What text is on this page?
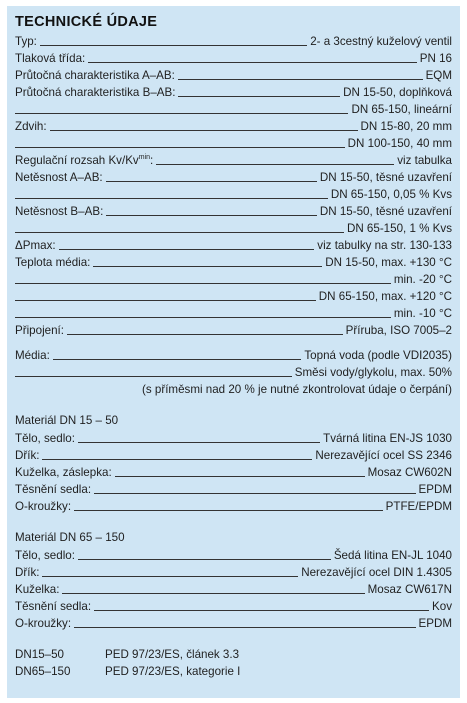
TECHNICKÉ ÚDAJE
Typ:	2- a 3cestný kuželový ventil
Tlaková třída:	PN 16
Průtočná charakteristika A–AB:	EQM
Průtočná charakteristika B–AB:	DN 15-50, doplňková
DN 65-150, lineární
Zdvih:	DN 15-80, 20 mm
DN 100-150, 40 mm
Regulační rozsah $Kv/Kv^{min}$:	viz tabulka
Netěsnost A–AB:	DN 15-50, těsné uzavření
DN 65-150, 0,05 % Kvs
Netěsnost B–AB:	DN 15-50, těsné uzavření
DN 65-150, 1 % Kvs
ΔPmax:	viz tabulky na str. 130-133
Teplota média:	DN 15-50, max. +130 °C
min. -20 °C
DN 65-150, max. +120 °C
min. -10 °C
Připojení:	Příruba, ISO 7005–2
Média:	Topná voda (podle VDI2035)
Směsi vody/glykolu, max. 50%
(s příměsmi nad 20 % je nutné zkontrolovat údaje o čerpání)
Materiál DN 15 – 50
Tělo, sedlo:	Tvárná litina EN-JS 1030
Dřík:	Nerezavějící ocel SS 2346
Kuželka, záslepka:	Mosaz CW602N
Těsnění sedla:	EPDM
O-kroužky:	PTFE/EPDM
Materiál DN 65 – 150
Tělo, sedlo:	Šedá litina EN-JL 1040
Dřík:	Nerezavějící ocel DIN 1.4305
Kuželka:	Mosaz CW617N
Těsnění sedla:	Kov
O-kroužky:	EPDM
DN15–50	PED 97/23/ES, článek 3.3
DN65–150	PED 97/23/ES, kategorie I
